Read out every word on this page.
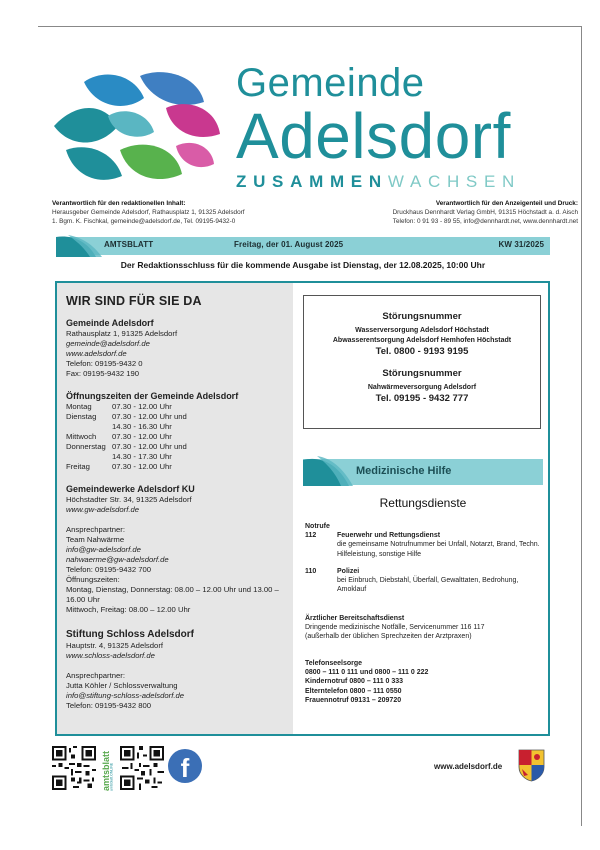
Gemeinde
Adelsdorf
ZUSAMMENWACHSEN
Verantwortlich für den redaktionellen Inhalt:
Herausgeber Gemeinde Adelsdorf, Rathausplatz 1, 91325 Adelsdorf
1. Bgm. K. Fischkal, gemeinde@adelsdorf.de, Tel. 09195-9432-0
Verantwortlich für den Anzeigenteil und Druck:
Druckhaus Dennhardt Verlag GmbH, 91315 Höchstadt a. d. Aisch
Telefon: 0 91 93 - 89 55, info@dennhardt.net, www.dennhardt.net
AMTSBLATT	Freitag, der 01. August 2025	KW 31/2025
Der Redaktionsschluss für die kommende Ausgabe ist Dienstag, der 12.08.2025, 10:00 Uhr
WIR SIND FÜR SIE DA
Gemeinde Adelsdorf
Rathausplatz 1, 91325 Adelsdorf
gemeinde@adelsdorf.de
www.adelsdorf.de
Telefon: 09195-9432 0
Fax: 09195-9432 190
Öffnungszeiten der Gemeinde Adelsdorf
Montag	07.30 - 12.00 Uhr
Dienstag	07.30 - 12.00 Uhr und
14.30 - 16.30 Uhr
Mittwoch	07.30 - 12.00 Uhr
Donnerstag 07.30 - 12.00 Uhr und
14.30 - 17.30 Uhr
Freitag	07.30 - 12.00 Uhr
Gemeindewerke Adelsdorf KU
Höchstadter Str. 34, 91325 Adelsdorf
www.gw-adelsdorf.de
Ansprechpartner:
Team Nahwärme
info@gw-adelsdorf.de
nahwaerme@gw-adelsdorf.de
Telefon: 09195-9432 700
Öffnungszeiten:
Montag, Dienstag, Donnerstag: 08.00 – 12.00 Uhr und 13.00 – 16.00 Uhr
Mittwoch, Freitag: 08.00 – 12.00 Uhr
Stiftung Schloss Adelsdorf
Hauptstr. 4, 91325 Adelsdorf
www.schloss-adelsdorf.de
Ansprechpartner:
Jutta Köhler / Schlossverwaltung
info@stiftung-schloss-adelsdorf.de
Telefon: 09195-9432 800
Störungsnummer
Wasserversorgung Adelsdorf Höchstadt
Abwasserentsorgung Adelsdorf Hemhofen Höchstadt
Tel. 0800 - 9193 9195
Störungsnummer
Nahwärmeversorgung Adelsdorf
Tel. 09195 - 9432 777
Medizinische Hilfe
Rettungsdienste
Notrufe
112	Feuerwehr und Rettungsdienst
die gemeinsame Notrufnummer bei Unfall, Notarzt, Brand, Techn. Hilfeleistung, sonstige Hilfe
110	Polizei
bei Einbruch, Diebstahl, Überfall, Gewalttaten, Bedrohung, Amoklauf
Ärztlicher Bereitschaftsdienst
Dringende medizinische Notfälle, Servicenummer 116 117
(außerhalb der üblichen Sprechzeiten der Arztpraxen)
Telefonseelsorge
0800 – 111 0 111 und 0800 – 111 0 222
Kindernotruf 0800 – 111 0 333
Elterntelefon 0800 – 111 0550
Frauennotruf 09131 – 209720
amtsblatt
amtsblatt.ONLINE	f	www.adelsdorf.de
